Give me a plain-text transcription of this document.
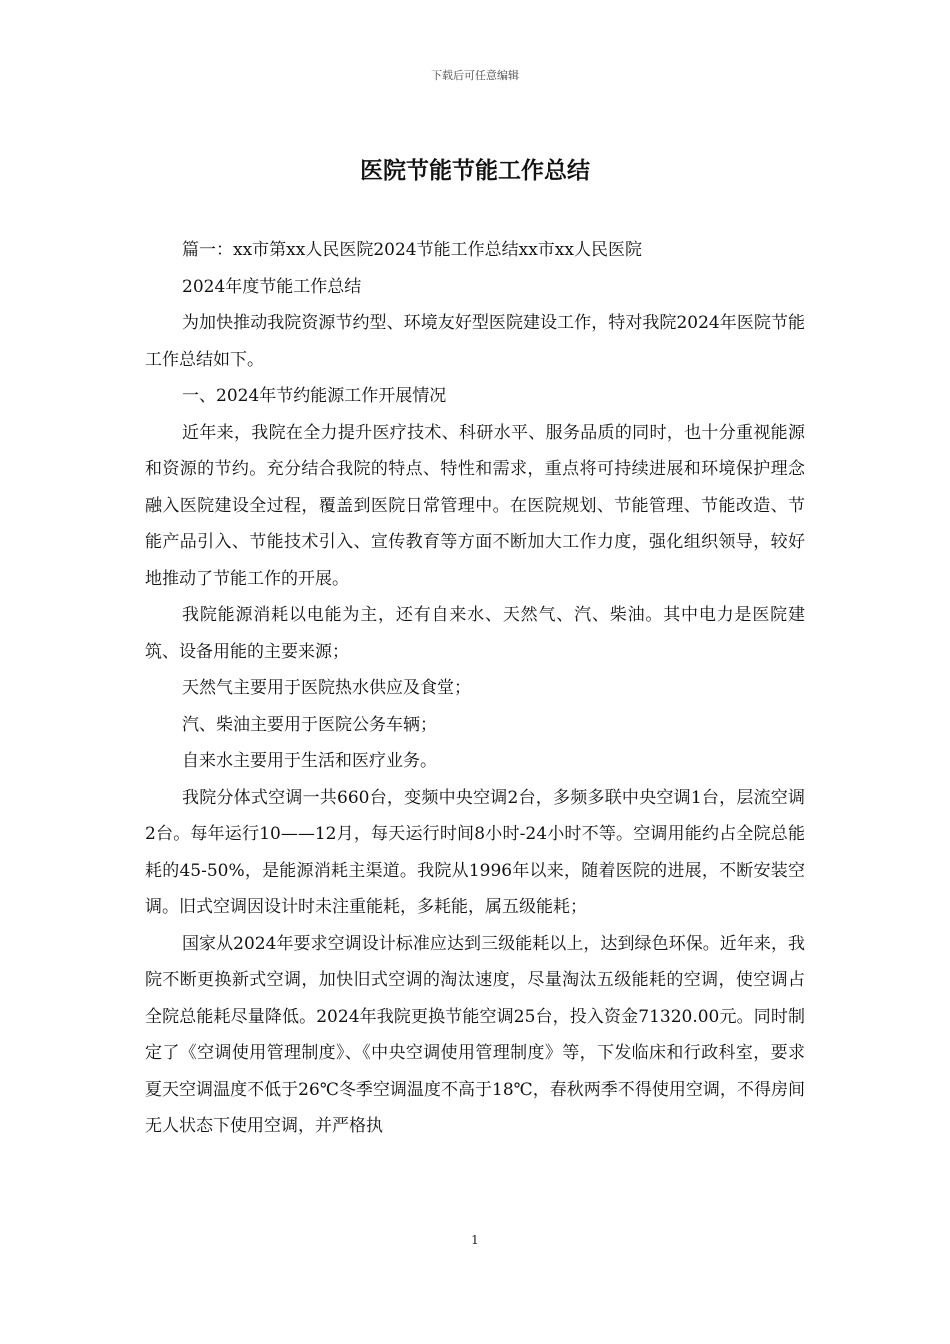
下载后可任意编辑
医院节能节能工作总结

篇一：xx市第xx人民医院2024节能工作总结xx市xx人民医院

2024年度节能工作总结

为加快推动我院资源节约型、环境友好型医院建设工作，特对我院2024年医院节能工作总结如下。

一、2024年节约能源工作开展情况

近年来，我院在全力提升医疗技术、科研水平、服务品质的同时，也十分重视能源和资源的节约。充分结合我院的特点、特性和需求，重点将可持续进展和环境保护理念融入医院建设全过程，覆盖到医院日常管理中。在医院规划、节能管理、节能改造、节能产品引入、节能技术引入、宣传教育等方面不断加大工作力度，强化组织领导，较好地推动了节能工作的开展。

我院能源消耗以电能为主，还有自来水、天然气、汽、柴油。其中电力是医院建筑、设备用能的主要来源；

天然气主要用于医院热水供应及食堂；

汽、柴油主要用于医院公务车辆；

自来水主要用于生活和医疗业务。

我院分体式空调一共660台，变频中央空调2台，多频多联中央空调1台，层流空调2台。每年运行10——12月，每天运行时间8小时-24小时不等。空调用能约占全院总能耗的45-50%，是能源消耗主渠道。我院从1996年以来，随着医院的进展，不断安装空调。旧式空调因设计时未注重能耗，多耗能，属五级能耗；

国家从2024年要求空调设计标准应达到三级能耗以上，达到绿色环保。近年来，我院不断更换新式空调，加快旧式空调的淘汰速度，尽量淘汰五级能耗的空调，使空调占全院总能耗尽量降低。2024年我院更换节能空调25台，投入资金71320.00元。同时制定了《空调使用管理制度》、《中央空调使用管理制度》等，下发临床和行政科室，要求夏天空调温度不低于26℃冬季空调温度不高于18℃，春秋两季不得使用空调，不得房间无人状态下使用空调，并严格执

1
